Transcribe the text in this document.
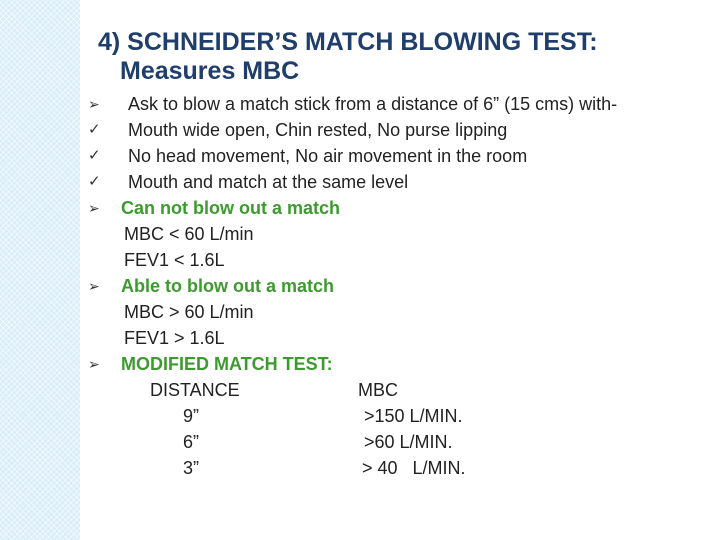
4) SCHNEIDER’S MATCH BLOWING TEST:
Measures MBC
➢	Ask to blow a match stick from a distance of 6” (15 cms) with-
✓	Mouth wide open, Chin rested, No purse lipping
✓	No head movement, No air movement in the room
✓	Mouth and match at the same level
➢	Can not blow out a match
MBC < 60 L/min
FEV1 < 1.6L
➢	Able to blow out a match
MBC > 60 L/min
FEV1 > 1.6L
➢	MODIFIED MATCH TEST:
DISTANCE	MBC
9”	>150 L/MIN.
6”	>60 L/MIN.
3”	> 40   L/MIN.
